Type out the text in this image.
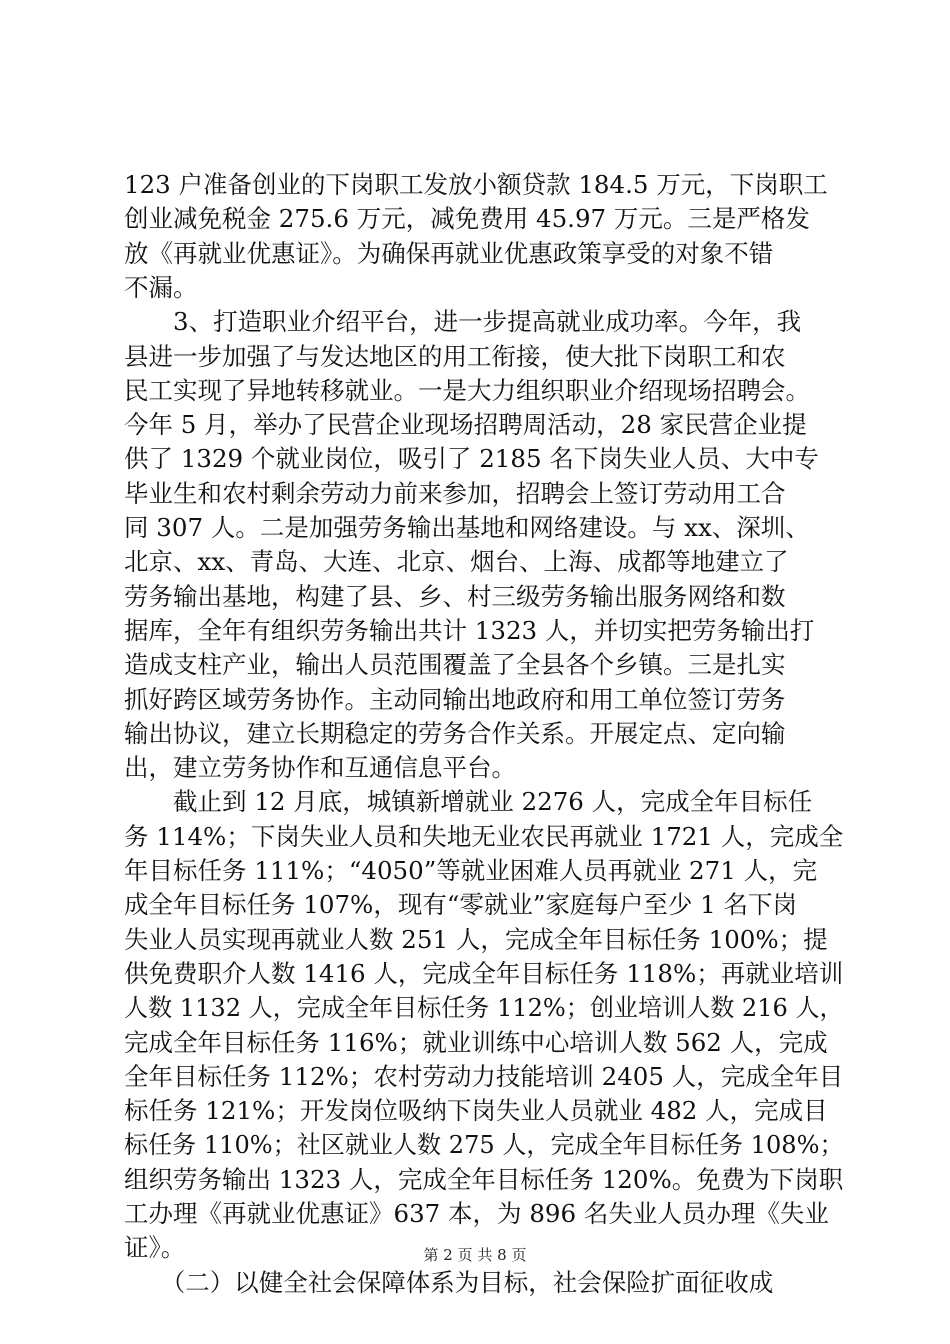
123 户准备创业的下岗职工发放小额贷款 184.5 万元，下岗职工
创业减免税金 275.6 万元，减免费用 45.97 万元。三是严格发
放《再就业优惠证》。为确保再就业优惠政策享受的对象不错
不漏。
　　3、打造职业介绍平台，进一步提高就业成功率。今年，我
县进一步加强了与发达地区的用工衔接，使大批下岗职工和农
民工实现了异地转移就业。一是大力组织职业介绍现场招聘会。
今年 5 月，举办了民营企业现场招聘周活动，28 家民营企业提
供了 1329 个就业岗位，吸引了 2185 名下岗失业人员、大中专
毕业生和农村剩余劳动力前来参加，招聘会上签订劳动用工合
同 307 人。二是加强劳务输出基地和网络建设。与 xx、深圳、
北京、xx、青岛、大连、北京、烟台、上海、成都等地建立了
劳务输出基地，构建了县、乡、村三级劳务输出服务网络和数
据库，全年有组织劳务输出共计 1323 人，并切实把劳务输出打
造成支柱产业，输出人员范围覆盖了全县各个乡镇。三是扎实
抓好跨区域劳务协作。主动同输出地政府和用工单位签订劳务
输出协议，建立长期稳定的劳务合作关系。开展定点、定向输
出，建立劳务协作和互通信息平台。
　　截止到 12 月底，城镇新增就业 2276 人，完成全年目标任
务 114%；下岗失业人员和失地无业农民再就业 1721 人，完成全
年目标任务 111%；“4050”等就业困难人员再就业 271 人，完
成全年目标任务 107%，现有“零就业”家庭每户至少 1 名下岗
失业人员实现再就业人数 251 人，完成全年目标任务 100%；提
供免费职介人数 1416 人，完成全年目标任务 118%；再就业培训
人数 1132 人，完成全年目标任务 112%；创业培训人数 216 人，
完成全年目标任务 116%；就业训练中心培训人数 562 人，完成
全年目标任务 112%；农村劳动力技能培训 2405 人，完成全年目
标任务 121%；开发岗位吸纳下岗失业人员就业 482 人，完成目
标任务 110%；社区就业人数 275 人，完成全年目标任务 108%；
组织劳务输出 1323 人，完成全年目标任务 120%。免费为下岗职
工办理《再就业优惠证》637 本，为 896 名失业人员办理《失业
证》。
　　（二）以健全社会保障体系为目标，社会保险扩面征收成
第 2 页 共 8 页
